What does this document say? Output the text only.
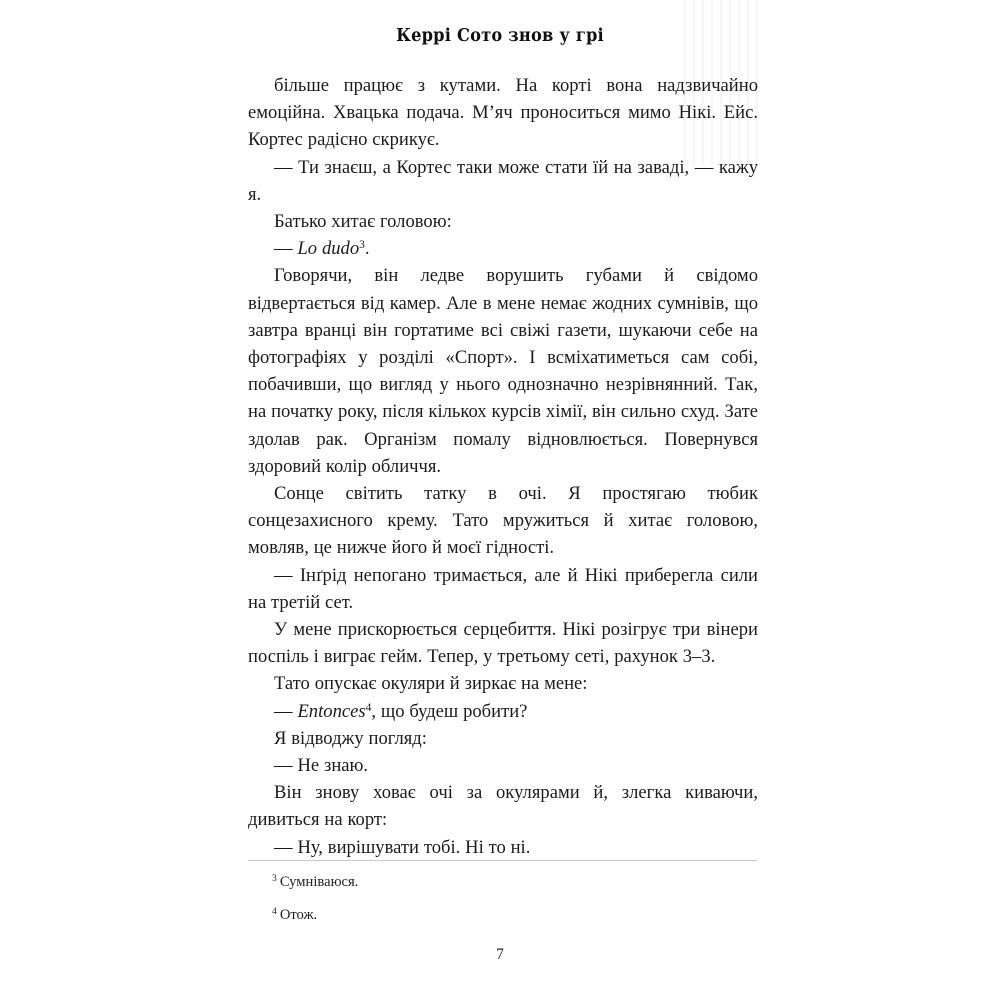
Керрі Сото знов у грі

більше працює з кутами. На корті вона надзвичайно емоційна. Хвацька подача. М’яч проноситься мимо Нікі. Ейс. Кортес радісно скрикує.

— Ти знаєш, а Кортес таки може стати їй на заваді, — кажу я.

Батько хитає головою:

— Lo dudo$^3$.

Говорячи, він ледве ворушить губами й свідомо відвертається від камер. Але в мене немає жодних сумнівів, що завтра вранці він гортатиме всі свіжі газети, шукаючи себе на фотографіях у розділі «Спорт». І всміхатиметься сам собі, побачивши, що вигляд у нього однозначно незрівнянний. Так, на початку року, після кількох курсів хімії, він сильно схуд. Зате здолав рак. Організм помалу відновлюється. Повернувся здоровий колір обличчя.

Сонце світить татку в очі. Я простягаю тюбик сонцезахисного крему. Тато мружиться й хитає головою, мовляв, це нижче його й моєї гідності.

— Інґрід непогано тримається, але й Нікі приберегла сили на третій сет.

У мене прискорюється серцебиття. Нікі розігрує три вінери поспіль і виграє гейм. Тепер, у третьому сеті, рахунок 3–3.

Тато опускає окуляри й зиркає на мене:

— Entonces$^4$, що будеш робити?

Я відводжу погляд:

— Не знаю.

Він знову ховає очі за окулярами й, злегка киваючи, дивиться на корт:

— Ну, вирішувати тобі. Ні то ні.

$^3$ Сумніваюся.

$^4$ Отож.

7
